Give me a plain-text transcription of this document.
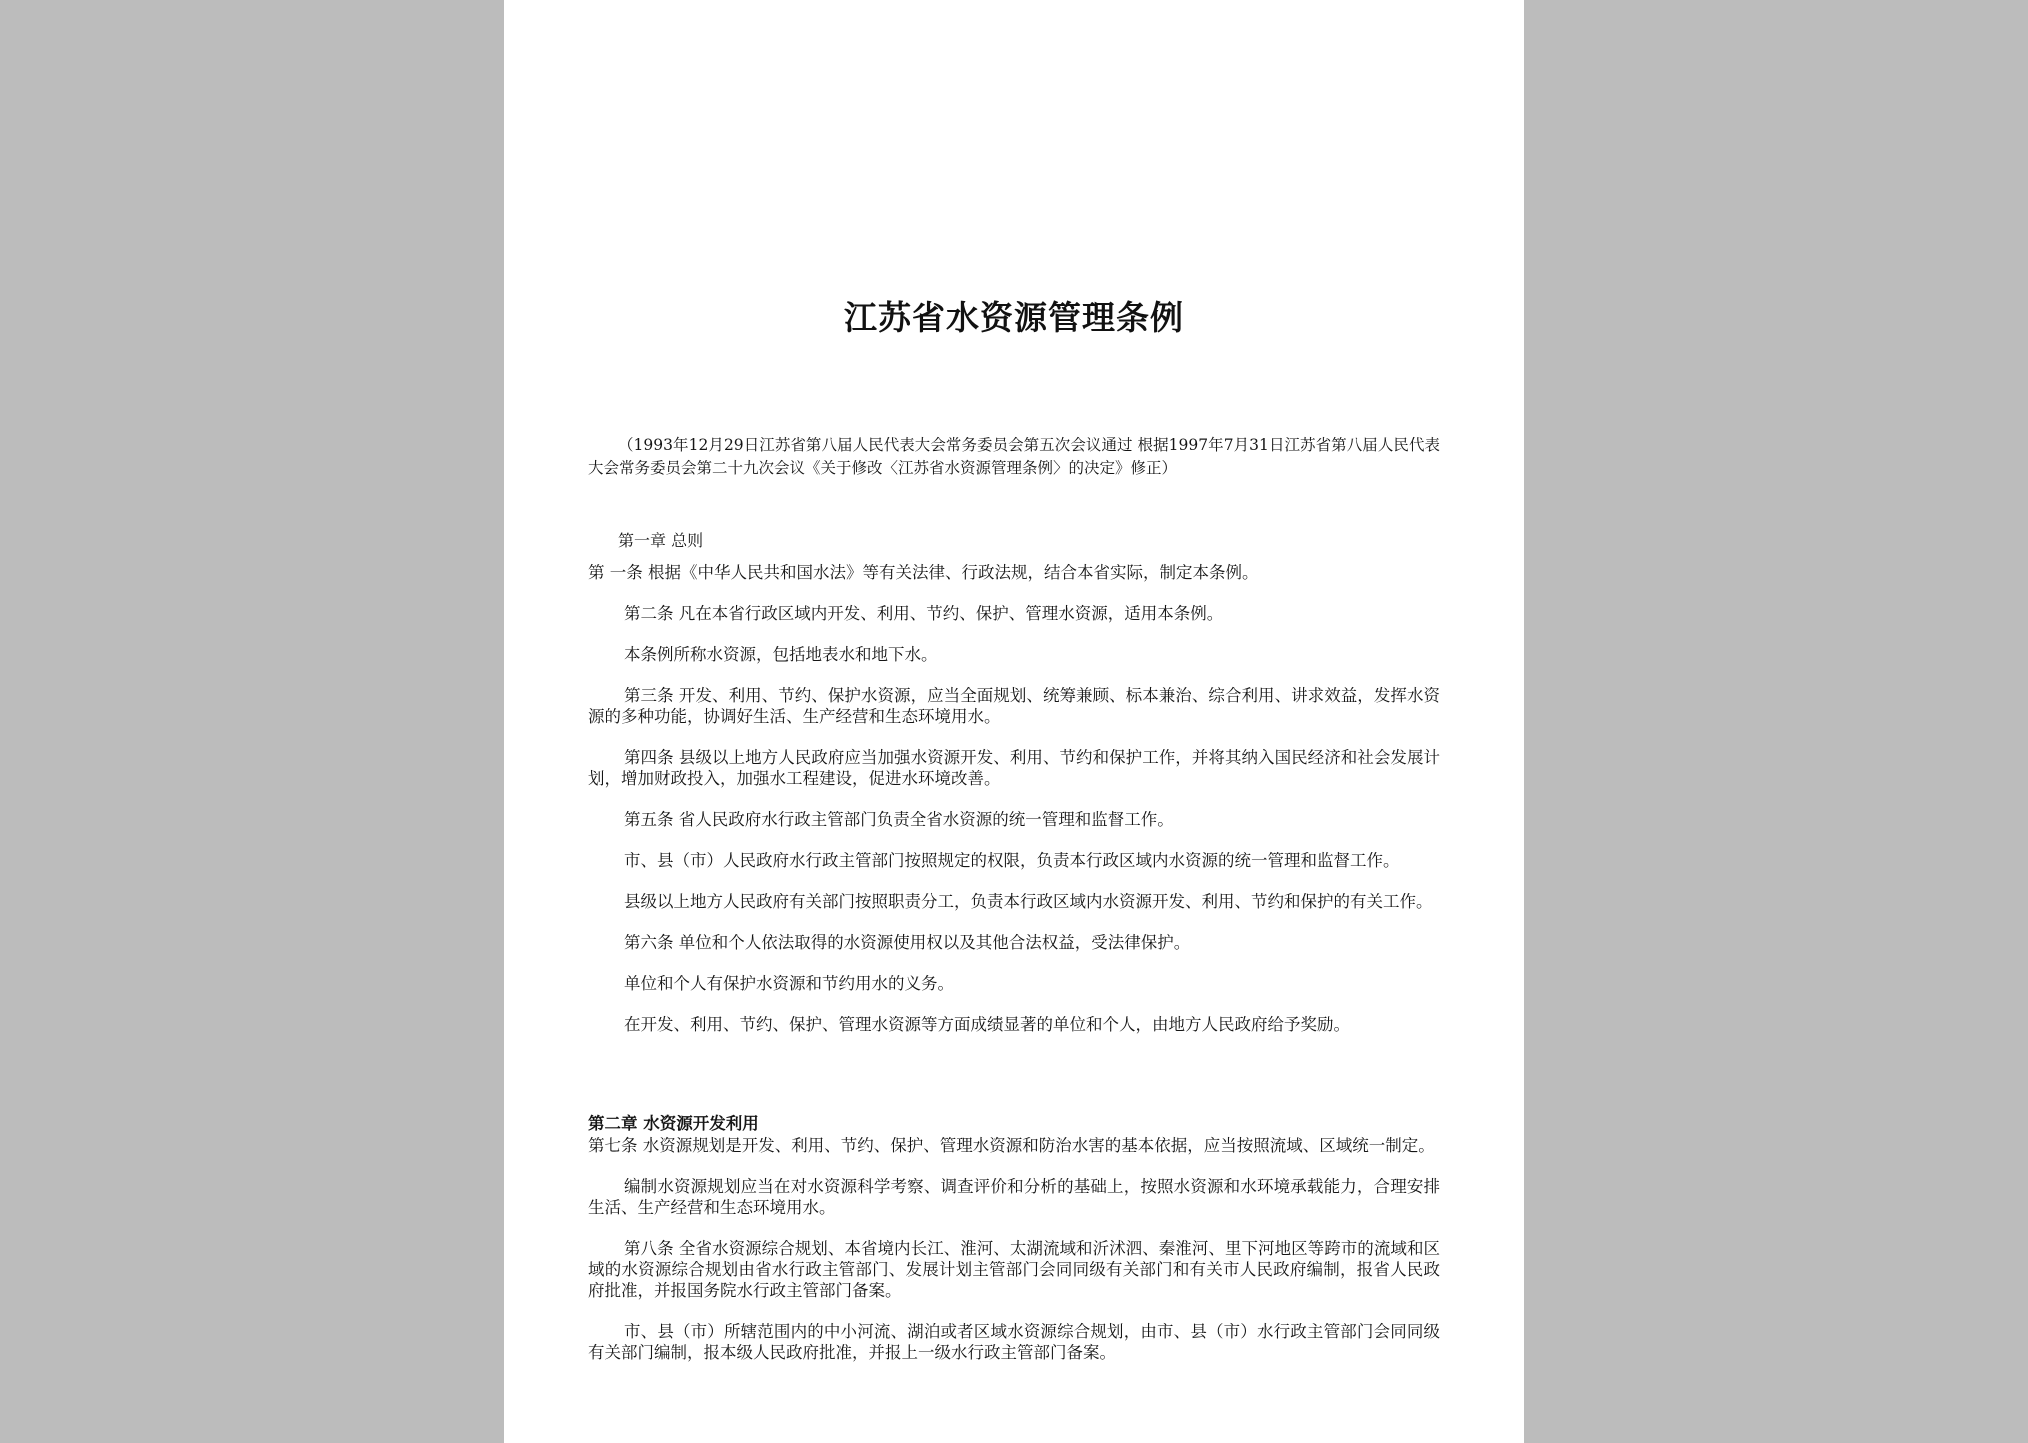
江苏省水资源管理条例
（1993年12月29日江苏省第八届人民代表大会常务委员会第五次会议通过 根据1997年7月31日江苏省第八届人民代表大会常务委员会第二十九次会议《关于修改〈江苏省水资源管理条例〉的决定》修正）
第一章 总则

第 一条 根据《中华人民共和国水法》等有关法律、行政法规，结合本省实际，制定本条例。

第二条 凡在本省行政区域内开发、利用、节约、保护、管理水资源，适用本条例。

本条例所称水资源，包括地表水和地下水。

第三条 开发、利用、节约、保护水资源，应当全面规划、统筹兼顾、标本兼治、综合利用、讲求效益，发挥水资源的多种功能，协调好生活、生产经营和生态环境用水。

第四条 县级以上地方人民政府应当加强水资源开发、利用、节约和保护工作，并将其纳入国民经济和社会发展计划，增加财政投入，加强水工程建设，促进水环境改善。

第五条 省人民政府水行政主管部门负责全省水资源的统一管理和监督工作。

市、县（市）人民政府水行政主管部门按照规定的权限，负责本行政区域内水资源的统一管理和监督工作。

县级以上地方人民政府有关部门按照职责分工，负责本行政区域内水资源开发、利用、节约和保护的有关工作。

第六条 单位和个人依法取得的水资源使用权以及其他合法权益，受法律保护。

单位和个人有保护水资源和节约用水的义务。

在开发、利用、节约、保护、管理水资源等方面成绩显著的单位和个人，由地方人民政府给予奖励。

第二章 水资源开发利用

第七条 水资源规划是开发、利用、节约、保护、管理水资源和防治水害的基本依据，应当按照流域、区域统一制定。

编制水资源规划应当在对水资源科学考察、调查评价和分析的基础上，按照水资源和水环境承载能力，合理安排生活、生产经营和生态环境用水。

第八条 全省水资源综合规划、本省境内长江、淮河、太湖流域和沂沭泗、秦淮河、里下河地区等跨市的流域和区域的水资源综合规划由省水行政主管部门、发展计划主管部门会同同级有关部门和有关市人民政府编制，报省人民政府批准，并报国务院水行政主管部门备案。

市、县（市）所辖范围内的中小河流、湖泊或者区域水资源综合规划，由市、县（市）水行政主管部门会同同级有关部门编制，报本级人民政府批准，并报上一级水行政主管部门备案。
